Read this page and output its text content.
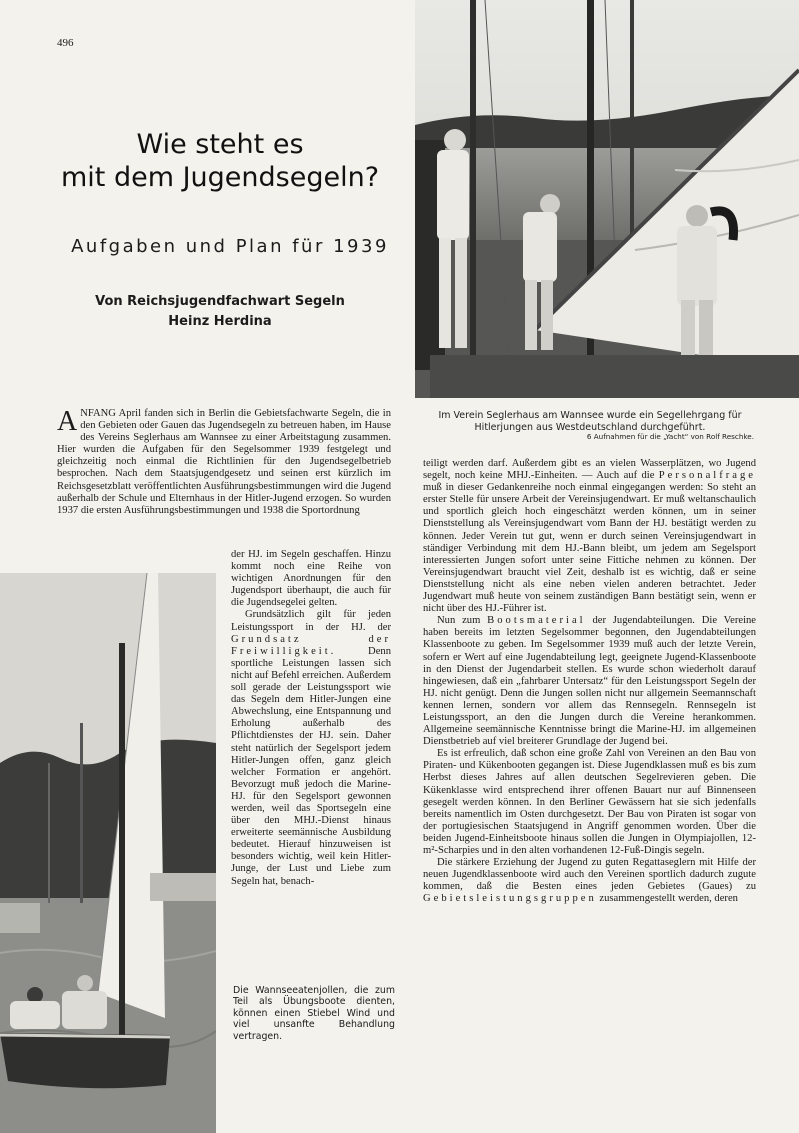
496
Wie steht es
mit dem Jugendsegeln?
Aufgaben und Plan für 1939
Von Reichsjugendfachwart Segeln
Heinz Herdina
Im Verein Seglerhaus am Wannsee wurde ein Segellehrgang für Hitlerjungen aus Westdeutschland durchgeführt.
6 Aufnahmen für die „Yacht“ von Rolf Reschke.
Die Wannseeatenjollen, die zum Teil als Übungsboote dienten, können einen Stiebel Wind und viel unsanfte Behandlung vertragen.

ANFANG April fanden sich in Berlin die Gebietsfachwarte Segeln, die in den Gebieten oder Gauen das Jugendsegeln zu betreuen haben, im Hause des Vereins Seglerhaus am Wannsee zu einer Arbeitstagung zusammen. Hier wurden die Aufgaben für den Segelsommer 1939 festgelegt und gleichzeitig noch einmal die Richtlinien für den Jugendsegelbetrieb besprochen. Nach dem Staatsjugendgesetz und seinen erst kürzlich im Reichsgesetzblatt veröffentlichten Ausführungsbestimmungen wird die Jugend außerhalb der Schule und Elternhaus in der Hitler-Jugend erzogen. So wurden 1937 die ersten Ausführungsbestimmungen und 1938 die Sportordnung

der HJ. im Segeln geschaffen. Hinzu kommt noch eine Reihe von wichtigen Anordnungen für den Jugendsport überhaupt, die auch für die Jugendsegelei gelten.

Grundsätzlich gilt für jeden Leistungssport in der HJ. der Grundsatz der Freiwilligkeit.	Denn sportliche Leistungen lassen sich nicht auf Befehl erreichen. Außerdem soll gerade der Leistungssport wie das Segeln dem Hitler-Jungen eine Abwechslung, eine Entspannung und Erholung außerhalb des Pflichtdienstes der HJ. sein. Daher steht natürlich der Segelsport jedem Hitler-Jungen offen, ganz gleich welcher Formation er angehört. Bevorzugt muß jedoch die Marine-HJ. für den Segelsport gewonnen werden, weil das Sportsegeln eine über den MHJ.-Dienst hinaus erweiterte seemännische Ausbildung bedeutet. Hierauf hinzuweisen ist besonders wichtig, weil kein Hitler-Junge, der Lust und Liebe zum Segeln hat, benach-

teiligt werden darf. Außerdem gibt es an vielen Wasserplätzen, wo Jugend segelt, noch keine MHJ.-Einheiten. — Auch auf die Personalfrage muß in dieser Gedankenreihe noch einmal eingegangen werden: So steht an erster Stelle für unsere Arbeit der Vereinsjugendwart. Er muß weltanschaulich und sportlich gleich hoch eingeschätzt werden können, um in seiner Dienststellung als Vereinsjugendwart vom Bann der HJ. bestätigt werden zu können. Jeder Verein tut gut, wenn er durch seinen Vereinsjugendwart in ständiger Verbindung mit dem HJ.-Bann bleibt, um jedem am Segelsport interessierten Jungen sofort unter seine Fittiche nehmen zu können. Der Vereinsjugendwart braucht viel Zeit, deshalb ist es wichtig, daß er seine Dienststellung nicht als eine neben vielen anderen betrachtet. Jeder Jugendwart muß heute von seinem zuständigen Bann bestätigt sein, wenn er nicht über des HJ.-Führer ist.

Nun zum Bootsmaterial der Jugendabteilungen. Die Vereine haben bereits im letzten Segelsommer begonnen, den Jugendabteilungen Klassenboote zu geben. Im Segelsommer 1939 muß auch der letzte Verein, sofern er Wert auf eine Jugendabteilung legt, geeignete Jugend-Klassenboote in den Dienst der Jugendarbeit stellen. Es wurde schon wiederholt darauf hingewiesen, daß ein „fahrbarer Untersatz“ für den Leistungssport Segeln der HJ. nicht genügt. Denn die Jungen sollen nicht nur allgemein Seemannschaft kennen lernen, sondern vor allem das Rennsegeln. Rennsegeln ist Leistungssport, an den die Jungen durch die Vereine herankommen. Allgemeine seemännische Kenntnisse bringt die Marine-HJ. im allgemeinen Dienstbetrieb auf viel breiterer Grundlage der Jugend bei.

Es ist erfreulich, daß schon eine große Zahl von Vereinen an den Bau von Piraten- und Kükenbooten gegangen ist. Diese Jugendklassen muß es bis zum Herbst dieses Jahres auf allen deutschen Segelrevieren geben. Die Kükenklasse wird entsprechend ihrer offenen Bauart nur auf Binnenseen gesegelt werden können. In den Berliner Gewässern hat sie sich jedenfalls bereits namentlich im Osten durchgesetzt. Der Bau von Piraten ist sogar von der portugiesischen Staatsjugend in Angriff genommen worden. Über die beiden Jugend-Einheitsboote hinaus sollen die Jungen in Olympiajollen, 12-m²-Scharpies und in den alten vorhandenen 12-Fuß-Dingis segeln.

Die stärkere Erziehung der Jugend zu guten Regattaseglern mit Hilfe der neuen Jugendklassenboote wird auch den Vereinen sportlich dadurch zugute kommen, daß die Besten eines jeden Gebietes (Gaues) zu Gebietsleistungsgruppen zusammengestellt werden, deren
